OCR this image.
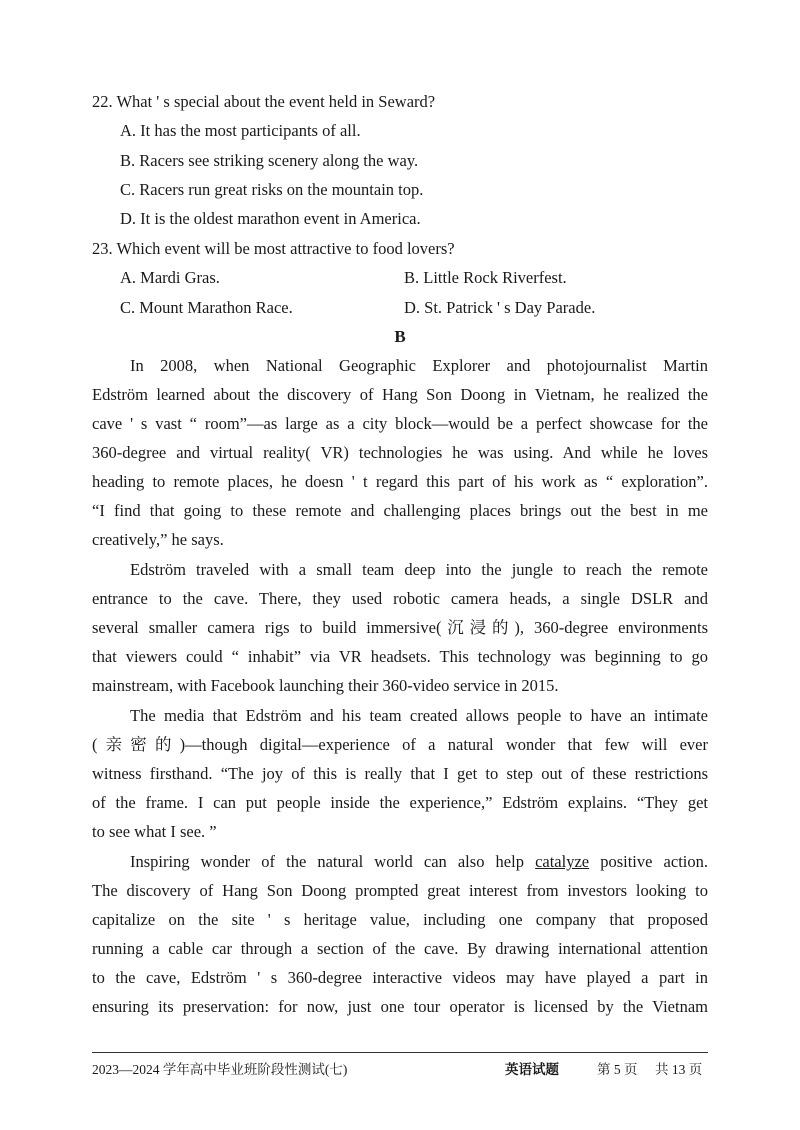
22. What ' s special about the event held in Seward?
A. It has the most participants of all.
B. Racers see striking scenery along the way.
C. Racers run great risks on the mountain top.
D. It is the oldest marathon event in America.
23. Which event will be most attractive to food lovers?
A. Mardi Gras.	B. Little Rock Riverfest.
C. Mount Marathon Race.	D. St. Patrick ' s Day Parade.
B
In 2008, when National Geographic Explorer and photojournalist Martin
Edström learned about the discovery of Hang Son Doong in Vietnam, he realized the
cave ' s vast “ room”—as large as a city block—would be a perfect showcase for the
360-degree and virtual reality( VR) technologies he was using. And while he loves
heading to remote places, he doesn ' t regard this part of his work as “ exploration”.
“I find that going to these remote and challenging places brings out the best in me
creatively,” he says.
Edström traveled with a small team deep into the jungle to reach the remote
entrance to the cave. There, they used robotic camera heads, a single DSLR and
several smaller camera rigs to build immersive(沉浸的), 360-degree environments
that viewers could “ inhabit” via VR headsets. This technology was beginning to go
mainstream, with Facebook launching their 360-video service in 2015.
The media that Edström and his team created allows people to have an intimate
(亲密的)—though digital—experience of a natural wonder that few will ever
witness firsthand. “The joy of this is really that I get to step out of these restrictions
of the frame. I can put people inside the experience,” Edström explains. “They get
to see what I see. ”
Inspiring wonder of the natural world can also help catalyze positive action.
The discovery of Hang Son Doong prompted great interest from investors looking to
capitalize on the site ' s heritage value, including one company that proposed
running a cable car through a section of the cave. By drawing international attention
to the cave, Edström ' s 360-degree interactive videos may have played a part in
ensuring its preservation: for now, just one tour operator is licensed by the Vietnam
2023—2024 学年高中毕业班阶段性测试(七)	英语试题	第 5 页 共 13 页
